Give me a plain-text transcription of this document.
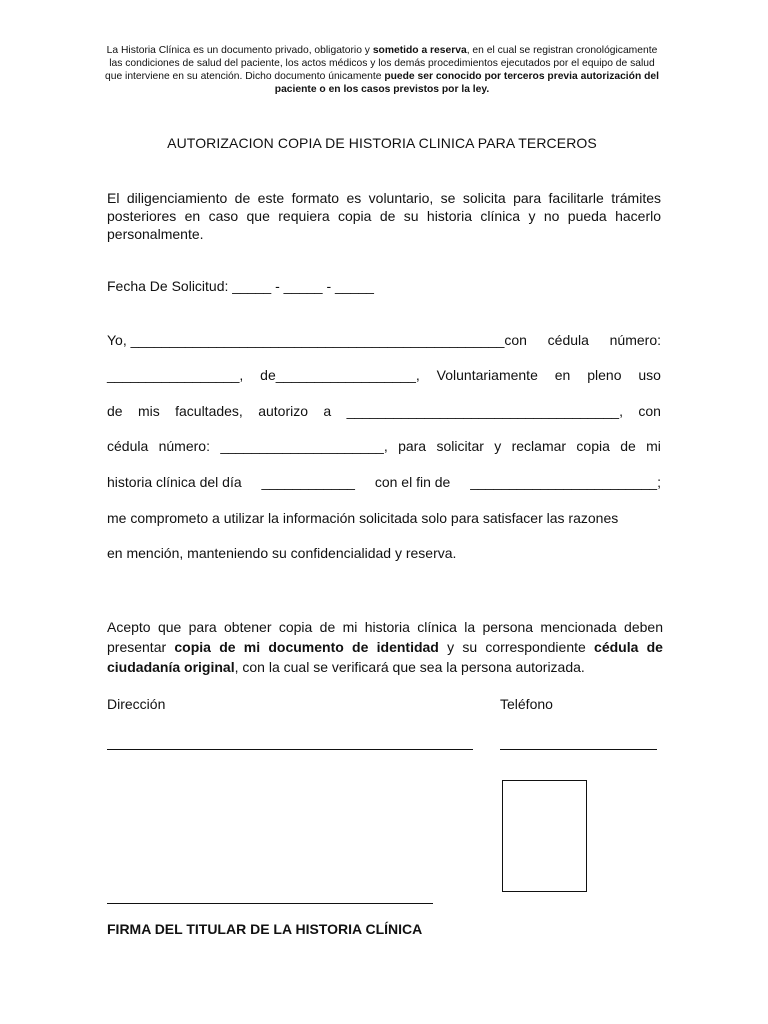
La Historia Clínica es un documento privado, obligatorio y sometido a reserva, en el cual se registran cronológicamente las condiciones de salud del paciente, los actos médicos y los demás procedimientos ejecutados por el equipo de salud que interviene en su atención. Dicho documento únicamente puede ser conocido por terceros previa autorización del paciente o en los casos previstos por la ley.
AUTORIZACION COPIA DE HISTORIA CLINICA PARA TERCEROS
El diligenciamiento de este formato es voluntario, se solicita para facilitarle trámites posteriores en caso que requiera copia de su historia clínica y no pueda hacerlo personalmente.
Fecha De Solicitud: _____ - _____ - _____
Yo, ________________________________________________con cédula número:
_________________, de__________________, Voluntariamente en pleno uso
de mis facultades, autorizo a ___________________________________, con
cédula número: _____________________, para solicitar y reclamar copia de mi
historia clínica del día ____________ con el fin de ________________________;
me comprometo a utilizar la información solicitada solo para satisfacer las razones
en mención, manteniendo su confidencialidad y reserva.
Acepto que para obtener copia de mi historia clínica la persona mencionada deben presentar copia de mi documento de identidad y su correspondiente cédula de ciudadanía original, con la cual se verificará que sea la persona autorizada.
Dirección	Teléfono
FIRMA DEL TITULAR DE LA HISTORIA CLÍNICA
